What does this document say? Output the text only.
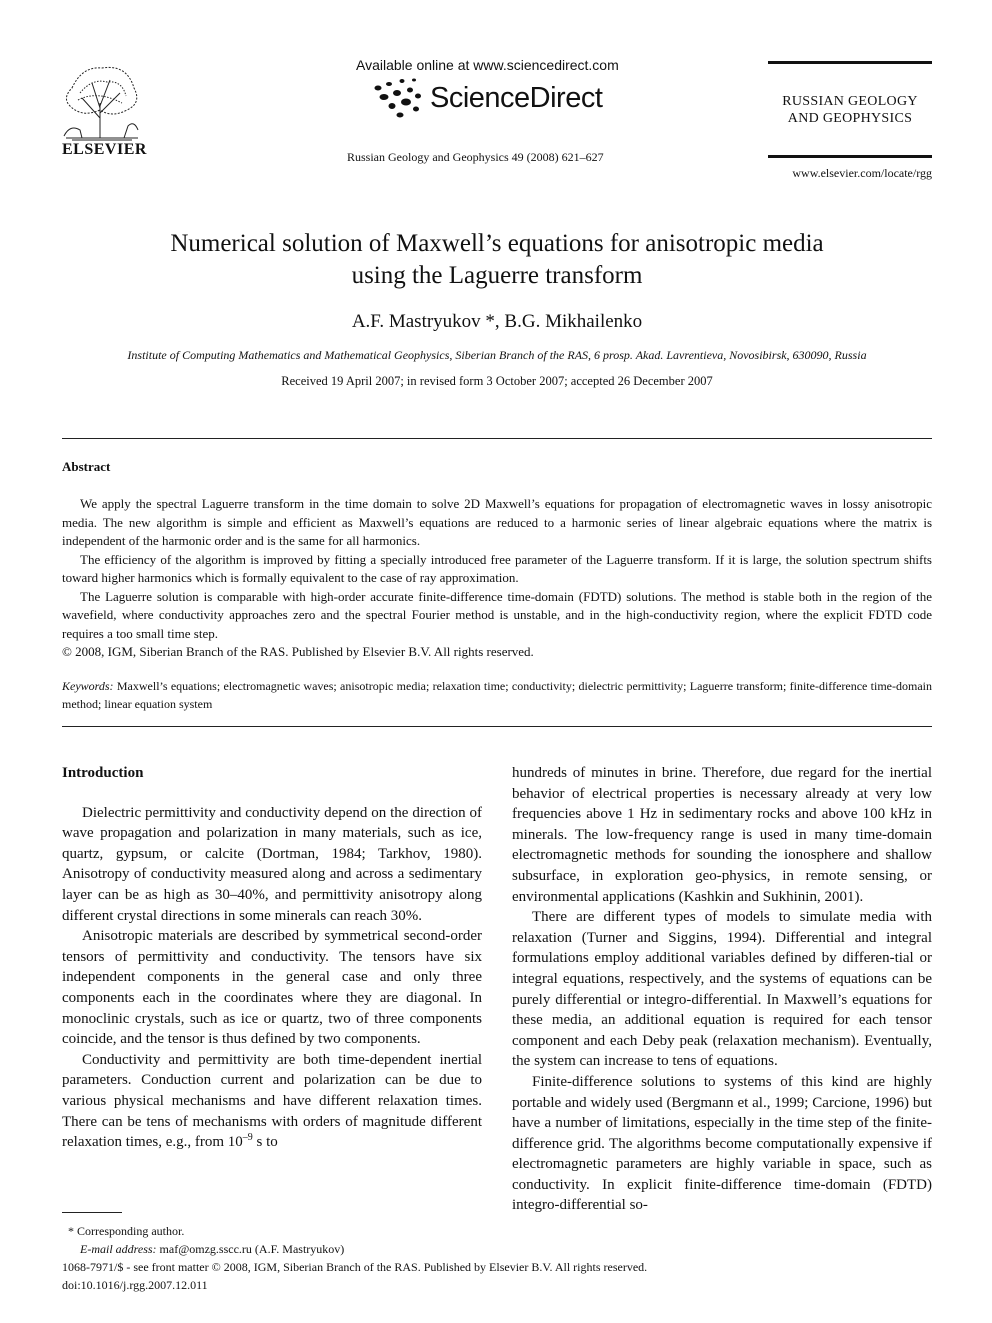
ELSEVIER
Available online at www.sciencedirect.com
ScienceDirect
Russian Geology and Geophysics 49 (2008) 621–627
RUSSIAN GEOLOGY
AND GEOPHYSICS
www.elsevier.com/locate/rgg
Numerical solution of Maxwell’s equations for anisotropic media
using the Laguerre transform
A.F. Mastryukov *, B.G. Mikhailenko
Institute of Computing Mathematics and Mathematical Geophysics, Siberian Branch of the RAS, 6 prosp. Akad. Lavrentieva, Novosibirsk, 630090, Russia
Received 19 April 2007; in revised form 3 October 2007; accepted 26 December 2007
Abstract

We apply the spectral Laguerre transform in the time domain to solve 2D Maxwell’s equations for propagation of electromagnetic waves in lossy anisotropic media. The new algorithm is simple and efficient as Maxwell’s equations are reduced to a harmonic series of linear algebraic equations where the matrix is independent of the harmonic order and is the same for all harmonics.

The efficiency of the algorithm is improved by fitting a specially introduced free parameter of the Laguerre transform. If it is large, the solution spectrum shifts toward higher harmonics which is formally equivalent to the case of ray approximation.

The Laguerre solution is comparable with high-order accurate finite-difference time-domain (FDTD) solutions. The method is stable both in the region of the wavefield, where conductivity approaches zero and the spectral Fourier method is unstable, and in the high-conductivity region, where the explicit FDTD code requires a too small time step.

© 2008, IGM, Siberian Branch of the RAS. Published by Elsevier B.V. All rights reserved.

Keywords: Maxwell’s equations; electromagnetic waves; anisotropic media; relaxation time; conductivity; dielectric permittivity; Laguerre transform; finite-difference time-domain method; linear equation system
Introduction

Dielectric permittivity and conductivity depend on the direction of wave propagation and polarization in many materials, such as ice, quartz, gypsum, or calcite (Dortman, 1984; Tarkhov, 1980). Anisotropy of conductivity measured along and across a sedimentary layer can be as high as 30–40%, and permittivity anisotropy along different crystal directions in some minerals can reach 30%.

Anisotropic materials are described by symmetrical second-order tensors of permittivity and conductivity. The tensors have six independent components in the general case and only three components each in the coordinates where they are diagonal. In monoclinic crystals, such as ice or quartz, two of three components coincide, and the tensor is thus defined by two components.

Conductivity and permittivity are both time-dependent inertial parameters. Conduction current and polarization can be due to various physical mechanisms and have different relaxation times. There can be tens of mechanisms with orders of magnitude different relaxation times, e.g., from $10^{-9}$ s to

hundreds of minutes in brine. Therefore, due regard for the inertial behavior of electrical properties is necessary already at very low frequencies above 1 Hz in sedimentary rocks and above 100 kHz in minerals. The low-frequency range is used in many time-domain electromagnetic methods for sounding the ionosphere and shallow subsurface, in exploration geo-physics, in remote sensing, or environmental applications (Kashkin and Sukhinin, 2001).

There are different types of models to simulate media with relaxation (Turner and Siggins, 1994). Differential and integral formulations employ additional variables defined by differen-tial or integral equations, respectively, and the systems of equations can be purely differential or integro-differential. In Maxwell’s equations for these media, an additional equation is required for each tensor component and each Deby peak (relaxation mechanism). Eventually, the system can increase to tens of equations.

Finite-difference solutions to systems of this kind are highly portable and widely used (Bergmann et al., 1999; Carcione, 1996) but have a number of limitations, especially in the time step of the finite-difference grid. The algorithms become computationally expensive if electromagnetic parameters are highly variable in space, such as conductivity. In explicit finite-difference time-domain (FDTD) integro-differential so-

* Corresponding author.
E-mail address: maf@omzg.sscc.ru (A.F. Mastryukov)
1068-7971/$ - see front matter © 2008, IGM, Siberian Branch of the RAS. Published by Elsevier B.V. All rights reserved.
doi:10.1016/j.rgg.2007.12.011
